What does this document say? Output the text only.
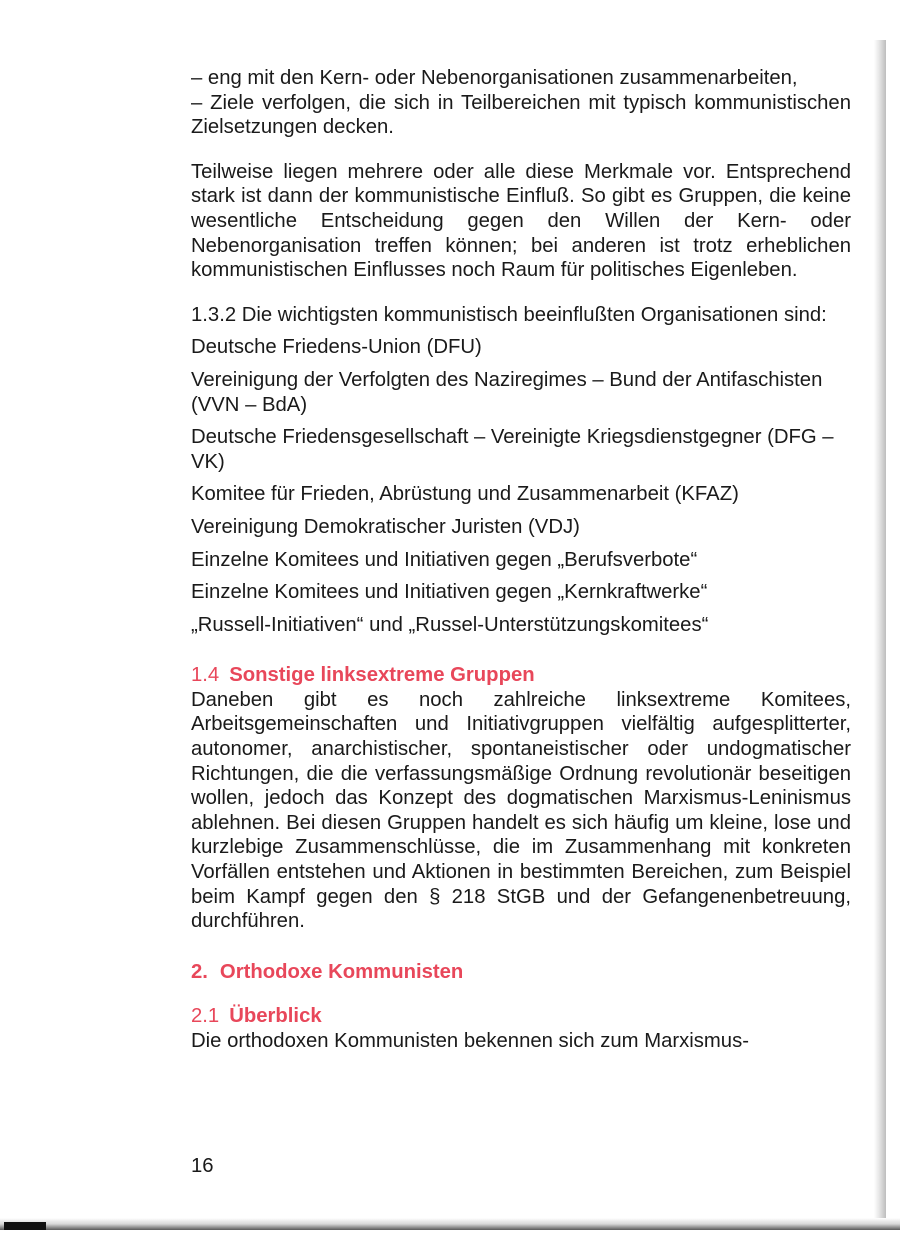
– eng mit den Kern- oder Nebenorganisationen zusammenarbeiten,

– Ziele verfolgen, die sich in Teilbereichen mit typisch kommunistischen Zielsetzungen decken.

Teilweise liegen mehrere oder alle diese Merkmale vor. Entsprechend stark ist dann der kommunistische Einfluß. So gibt es Gruppen, die keine wesentliche Entscheidung gegen den Willen der Kern- oder Nebenorganisation treffen können; bei anderen ist trotz erheblichen kommunistischen Einflusses noch Raum für politisches Eigenleben.

1.3.2 Die wichtigsten kommunistisch beeinflußten Organisationen sind:

Deutsche Friedens-Union (DFU)

Vereinigung der Verfolgten des Naziregimes – Bund der Antifaschisten (VVN – BdA)

Deutsche Friedensgesellschaft – Vereinigte Kriegsdienstgegner (DFG – VK)

Komitee für Frieden, Abrüstung und Zusammenarbeit (KFAZ)

Vereinigung Demokratischer Juristen (VDJ)

Einzelne Komitees und Initiativen gegen „Berufsverbote“

Einzelne Komitees und Initiativen gegen „Kernkraftwerke“

„Russell-Initiativen“ und „Russel-Unterstützungskomitees“

1.4 Sonstige linksextreme Gruppen

Daneben gibt es noch zahlreiche linksextreme Komitees, Arbeitsgemeinschaften und Initiativgruppen vielfältig aufgesplitterter, autonomer, anarchistischer, spontaneistischer oder undogmatischer Richtungen, die die verfassungsmäßige Ordnung revolutionär beseitigen wollen, jedoch das Konzept des dogmatischen Marxismus-Leninismus ablehnen. Bei diesen Gruppen handelt es sich häufig um kleine, lose und kurzlebige Zusammenschlüsse, die im Zusammenhang mit konkreten Vorfällen entstehen und Aktionen in bestimmten Bereichen, zum Beispiel beim Kampf gegen den § 218 StGB und der Gefangenenbetreuung, durchführen.

2. Orthodoxe Kommunisten

2.1 Überblick

Die orthodoxen Kommunisten bekennen sich zum Marxismus-

16
